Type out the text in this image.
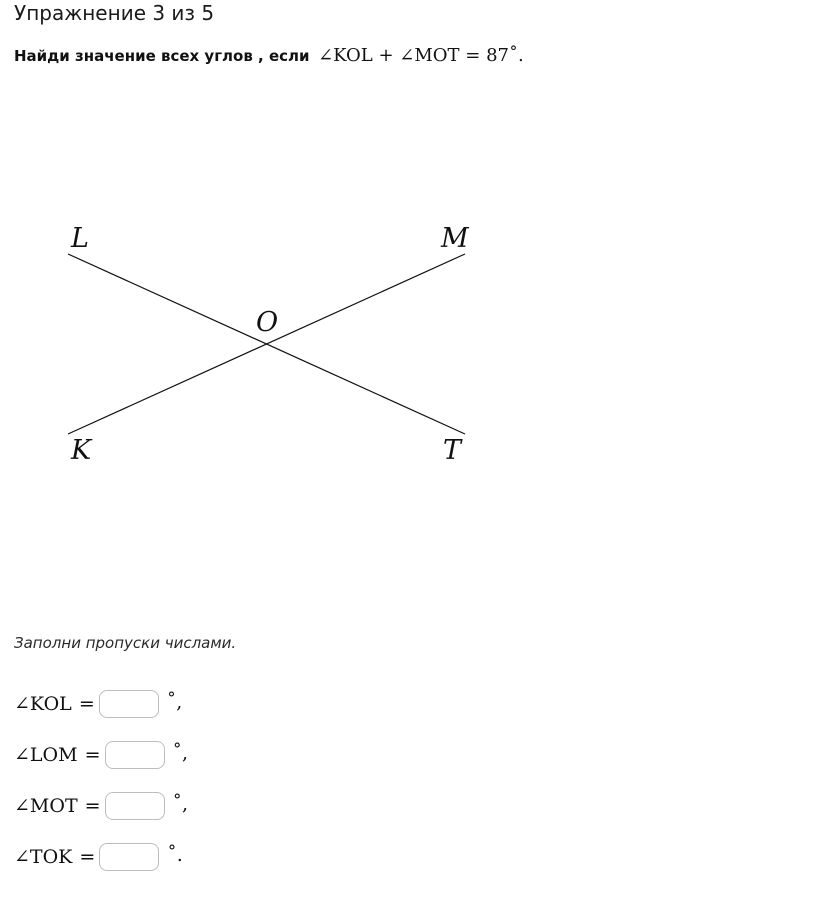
Упражнение 3 из 5
Найди значение всех углов , если ∠KOL + ∠MOT = 87˚.
L	M
O
K	T
Заполни пропуски числами.
∠KOL =	˚,
∠LOM =	˚,
∠MOT =	˚,
∠TOK =	˚.
